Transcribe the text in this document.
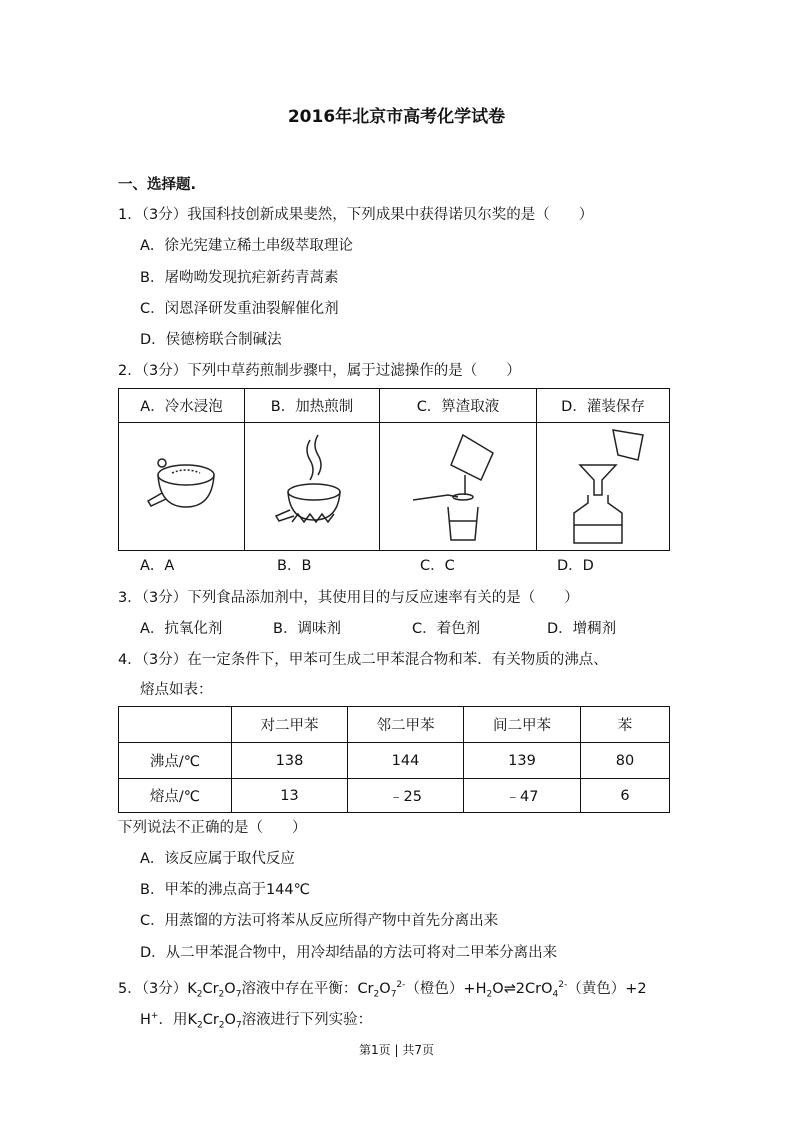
2016年北京市高考化学试卷
一、选择题.
1．（3分）我国科技创新成果斐然，下列成果中获得诺贝尔奖的是（　　）
A．徐光宪建立稀土串级萃取理论
B．屠呦呦发现抗疟新药青蒿素
C．闵恩泽研发重油裂解催化剂
D．侯德榜联合制碱法
2．（3分）下列中草药煎制步骤中，属于过滤操作的是（　　）
A．冷水浸泡	B．加热煎制	C．箅渣取液	D．灌装保存

A．A	B．B	C．C	D．D
3．（3分）下列食品添加剂中，其使用目的与反应速率有关的是（　　）
A．抗氧化剂	B．调味剂	C．着色剂	D．增稠剂
4．（3分）在一定条件下，甲苯可生成二甲苯混合物和苯．有关物质的沸点、
熔点如表：
	对二甲苯	邻二甲苯	间二甲苯	苯
沸点/℃	138	144	139	80
熔点/℃	13	﹣25	﹣47	6
下列说法不正确的是（　　）
A．该反应属于取代反应
B．甲苯的沸点高于144℃
C．用蒸馏的方法可将苯从反应所得产物中首先分离出来
D．从二甲苯混合物中，用冷却结晶的方法可将对二甲苯分离出来
5．（3分）$K_2Cr_2O_7$溶液中存在平衡：$Cr_2O_7^{2-}$（橙色）$+H_2O\rightleftharpoons 2CrO_4^{2-}$（黄色）+2
H+．用$K_2Cr_2O_7$溶液进行下列实验：
第1页 | 共7页
